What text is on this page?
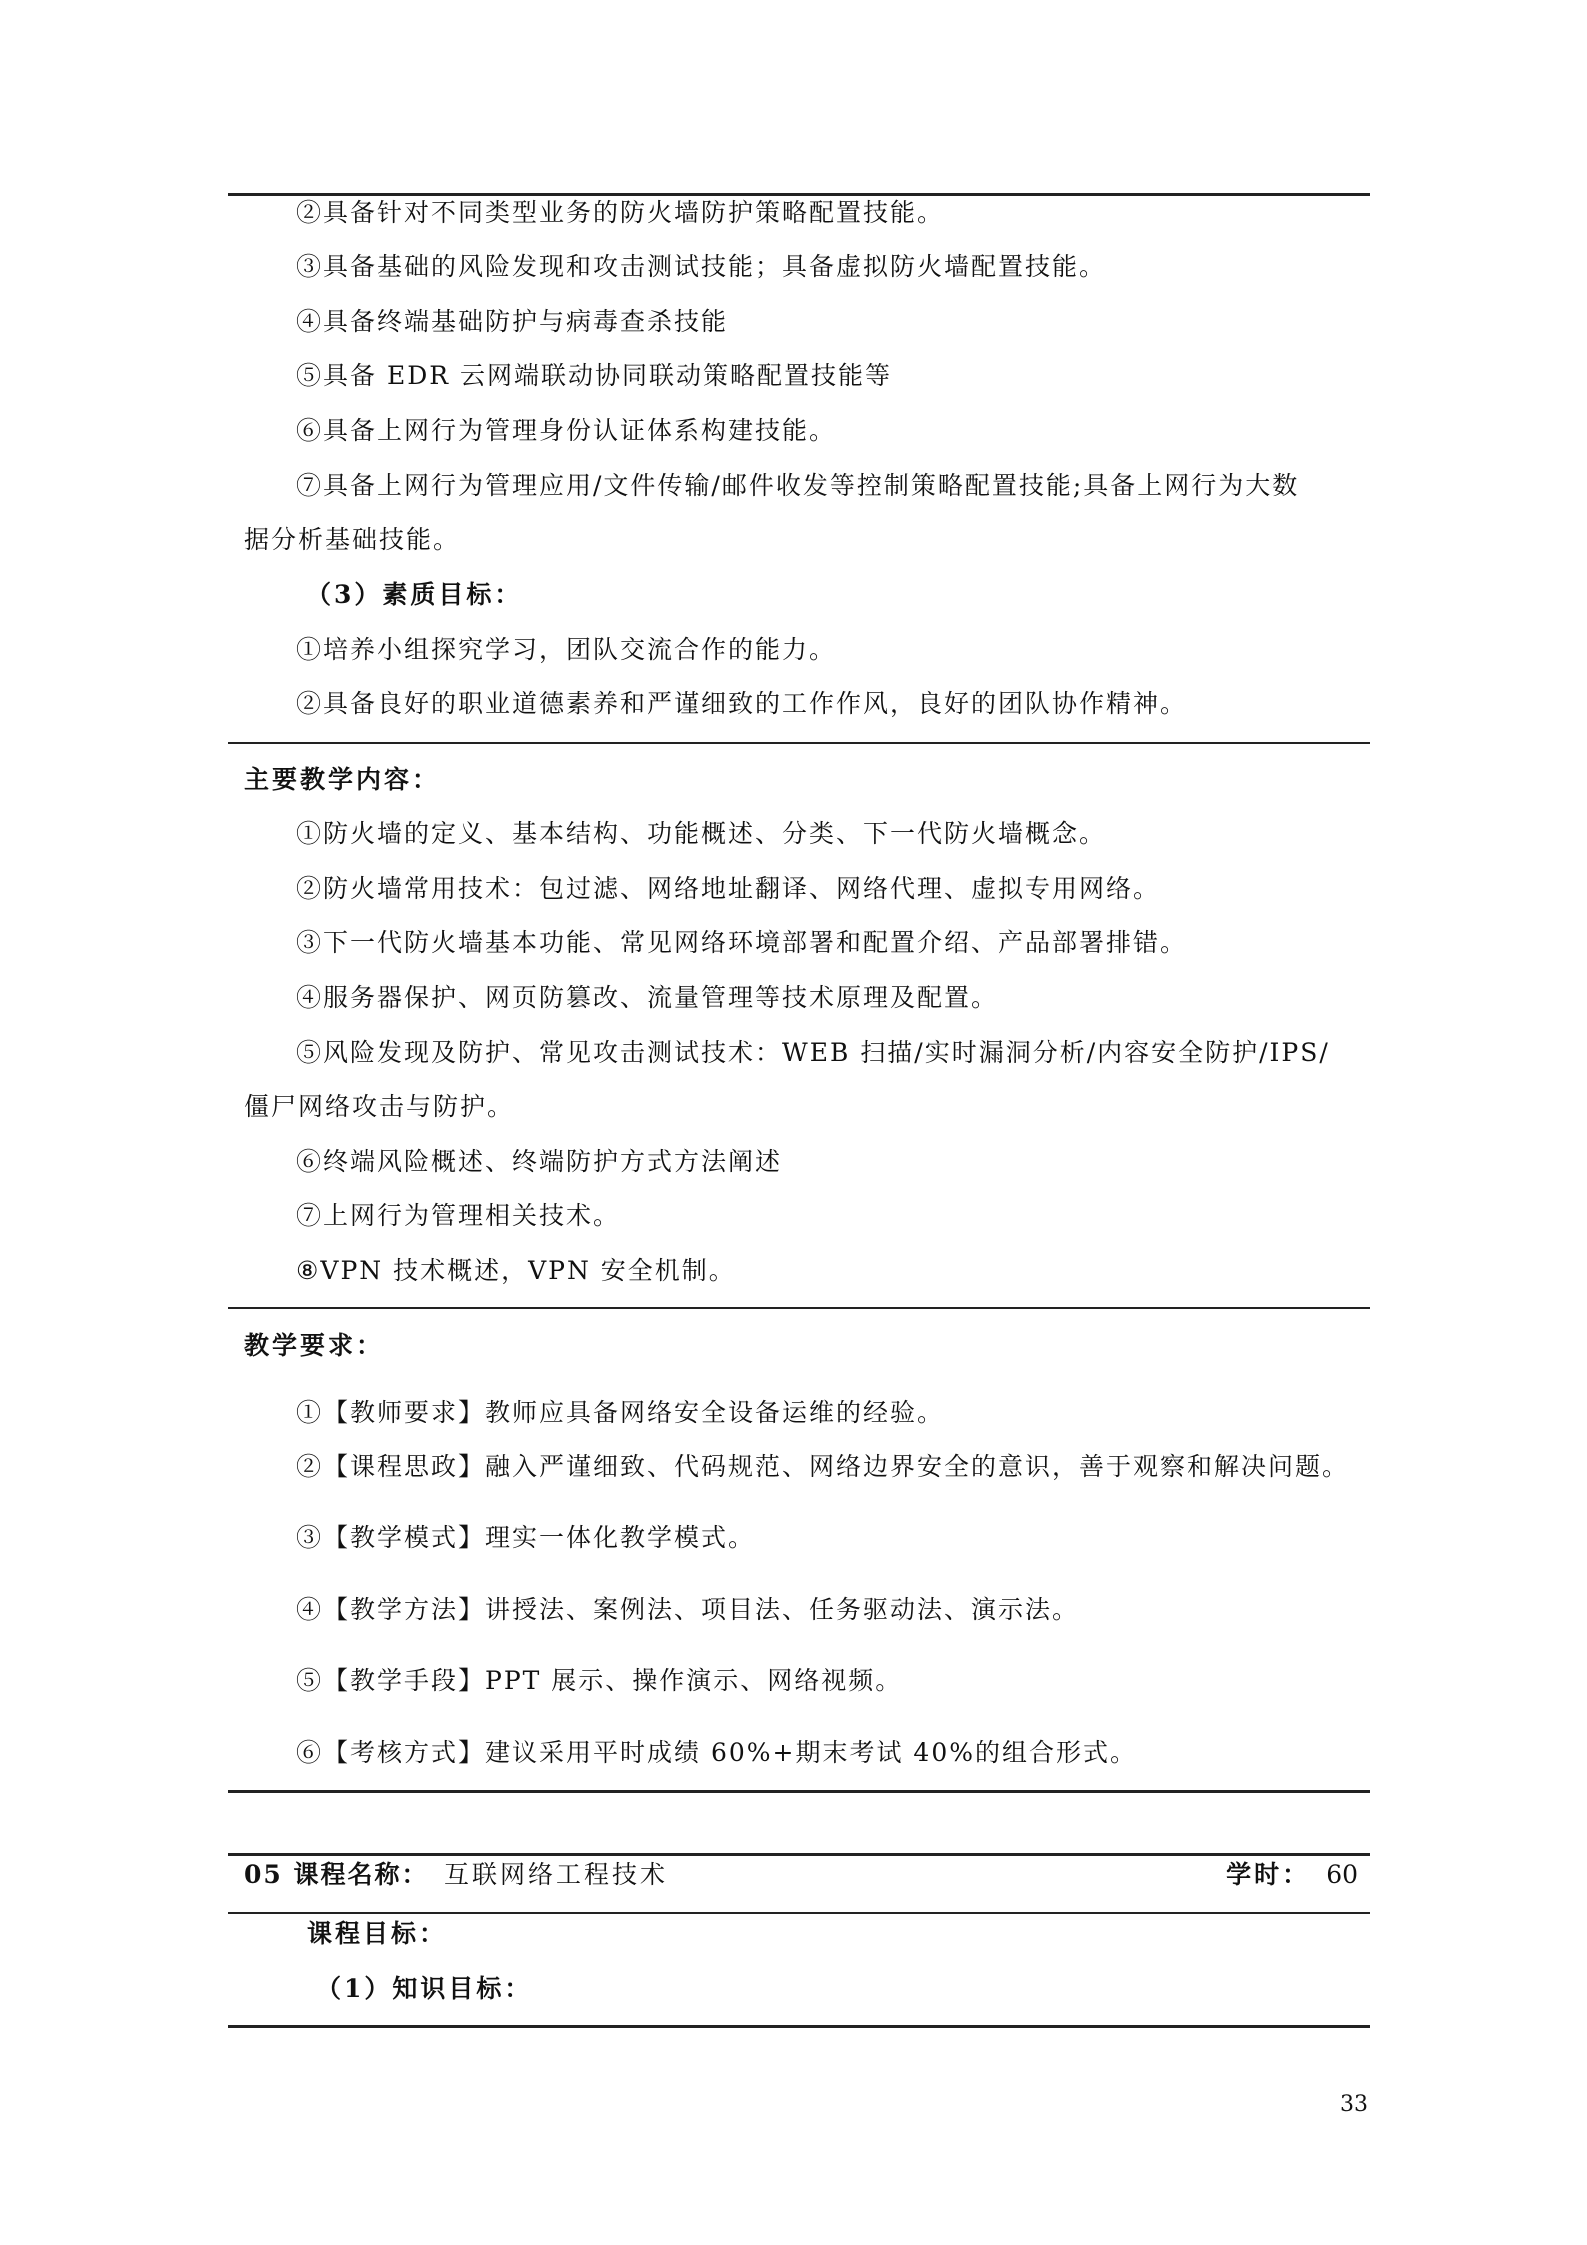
②具备针对不同类型业务的防火墙防护策略配置技能。
③具备基础的风险发现和攻击测试技能；具备虚拟防火墙配置技能。
④具备终端基础防护与病毒查杀技能
⑤具备 EDR 云网端联动协同联动策略配置技能等
⑥具备上网行为管理身份认证体系构建技能。
⑦具备上网行为管理应用/文件传输/邮件收发等控制策略配置技能;具备上网行为大数
据分析基础技能。
（3）素质目标：
①培养小组探究学习，团队交流合作的能力。
②具备良好的职业道德素养和严谨细致的工作作风，良好的团队协作精神。
主要教学内容：
①防火墙的定义、基本结构、功能概述、分类、下一代防火墙概念。
②防火墙常用技术：包过滤、网络地址翻译、网络代理、虚拟专用网络。
③下一代防火墙基本功能、常见网络环境部署和配置介绍、产品部署排错。
④服务器保护、网页防篡改、流量管理等技术原理及配置。
⑤风险发现及防护、常见攻击测试技术：WEB 扫描/实时漏洞分析/内容安全防护/IPS/
僵尸网络攻击与防护。
⑥终端风险概述、终端防护方式方法阐述
⑦上网行为管理相关技术。
⑧VPN 技术概述，VPN 安全机制。
教学要求：
①【教师要求】教师应具备网络安全设备运维的经验。
②【课程思政】融入严谨细致、代码规范、网络边界安全的意识，善于观察和解决问题。
③【教学模式】理实一体化教学模式。
④【教学方法】讲授法、案例法、项目法、任务驱动法、演示法。
⑤【教学手段】PPT 展示、操作演示、网络视频。
⑥【考核方式】建议采用平时成绩 60%+期末考试 40%的组合形式。
05 课程名称： 互联网络工程技术	学时： 60
课程目标：
（1）知识目标：
33
